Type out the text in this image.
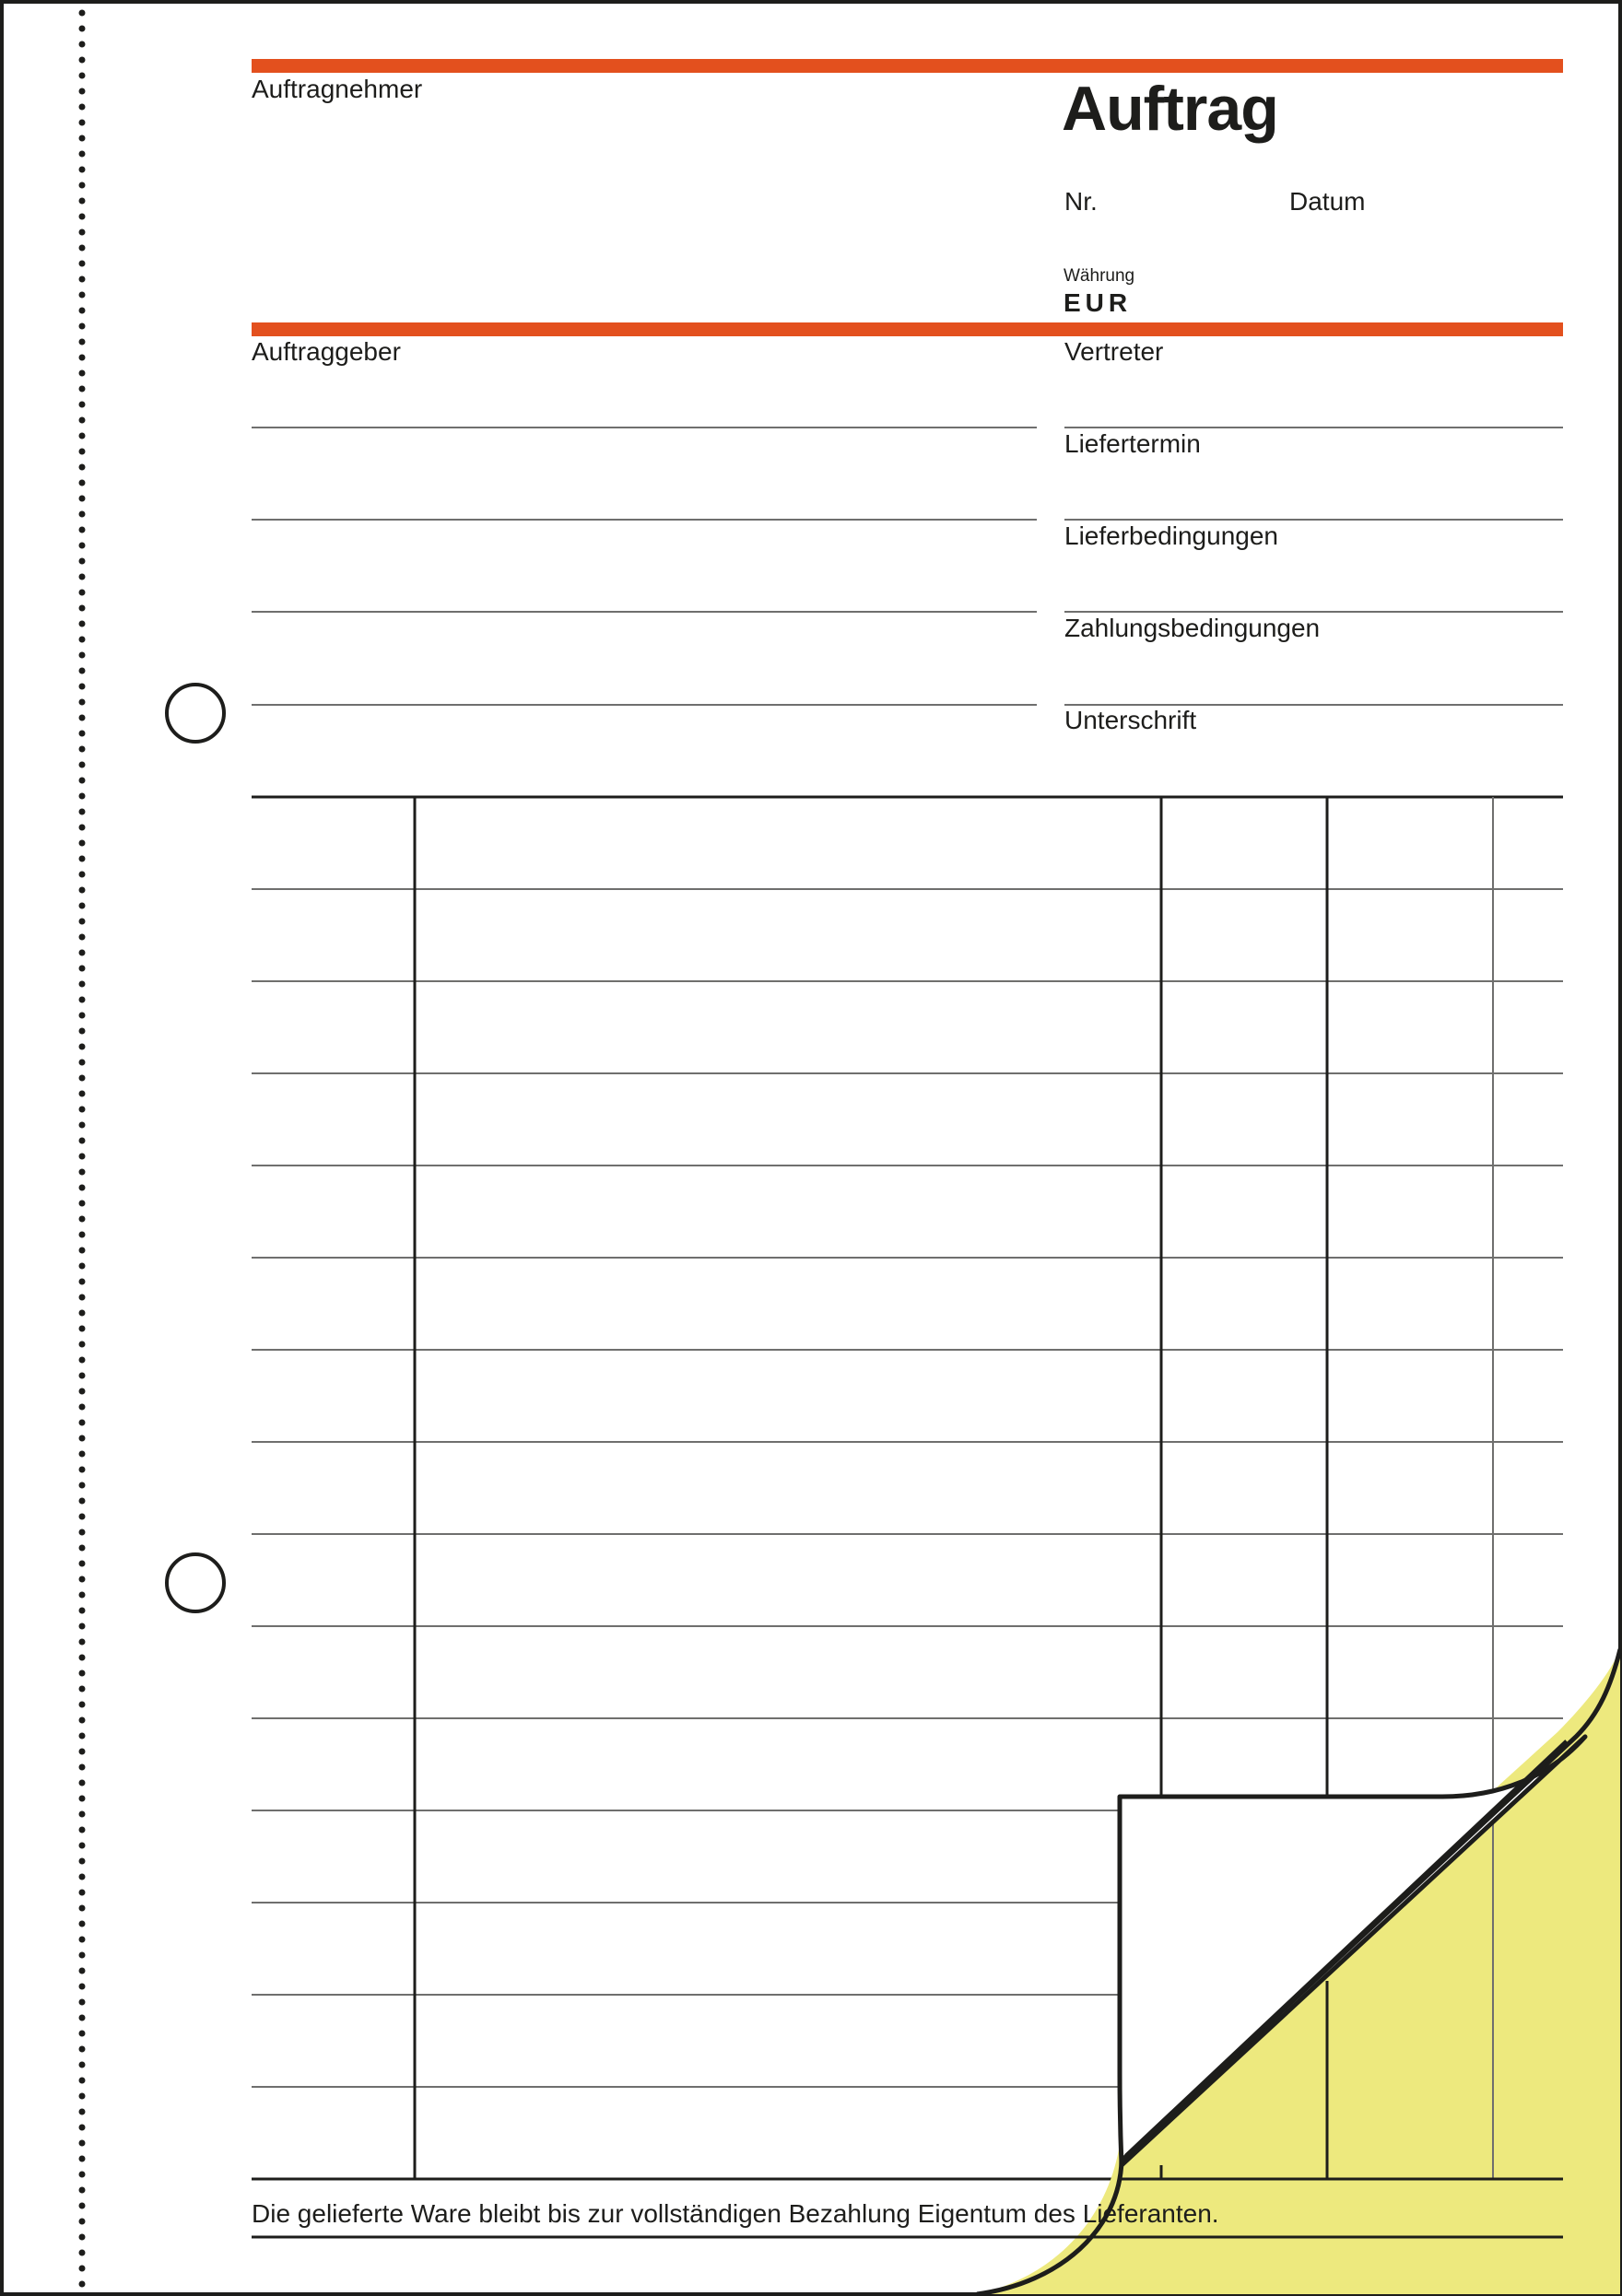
Auftragnehmer	Auftrag
Nr.	Datum
Währung
EUR
Auftraggeber	Vertreter
Liefertermin
Lieferbedingungen
Zahlungsbedingungen
Unterschrift
Die gelieferte Ware bleibt bis zur vollständigen Bezahlung Eigentum des Lieferanten.
